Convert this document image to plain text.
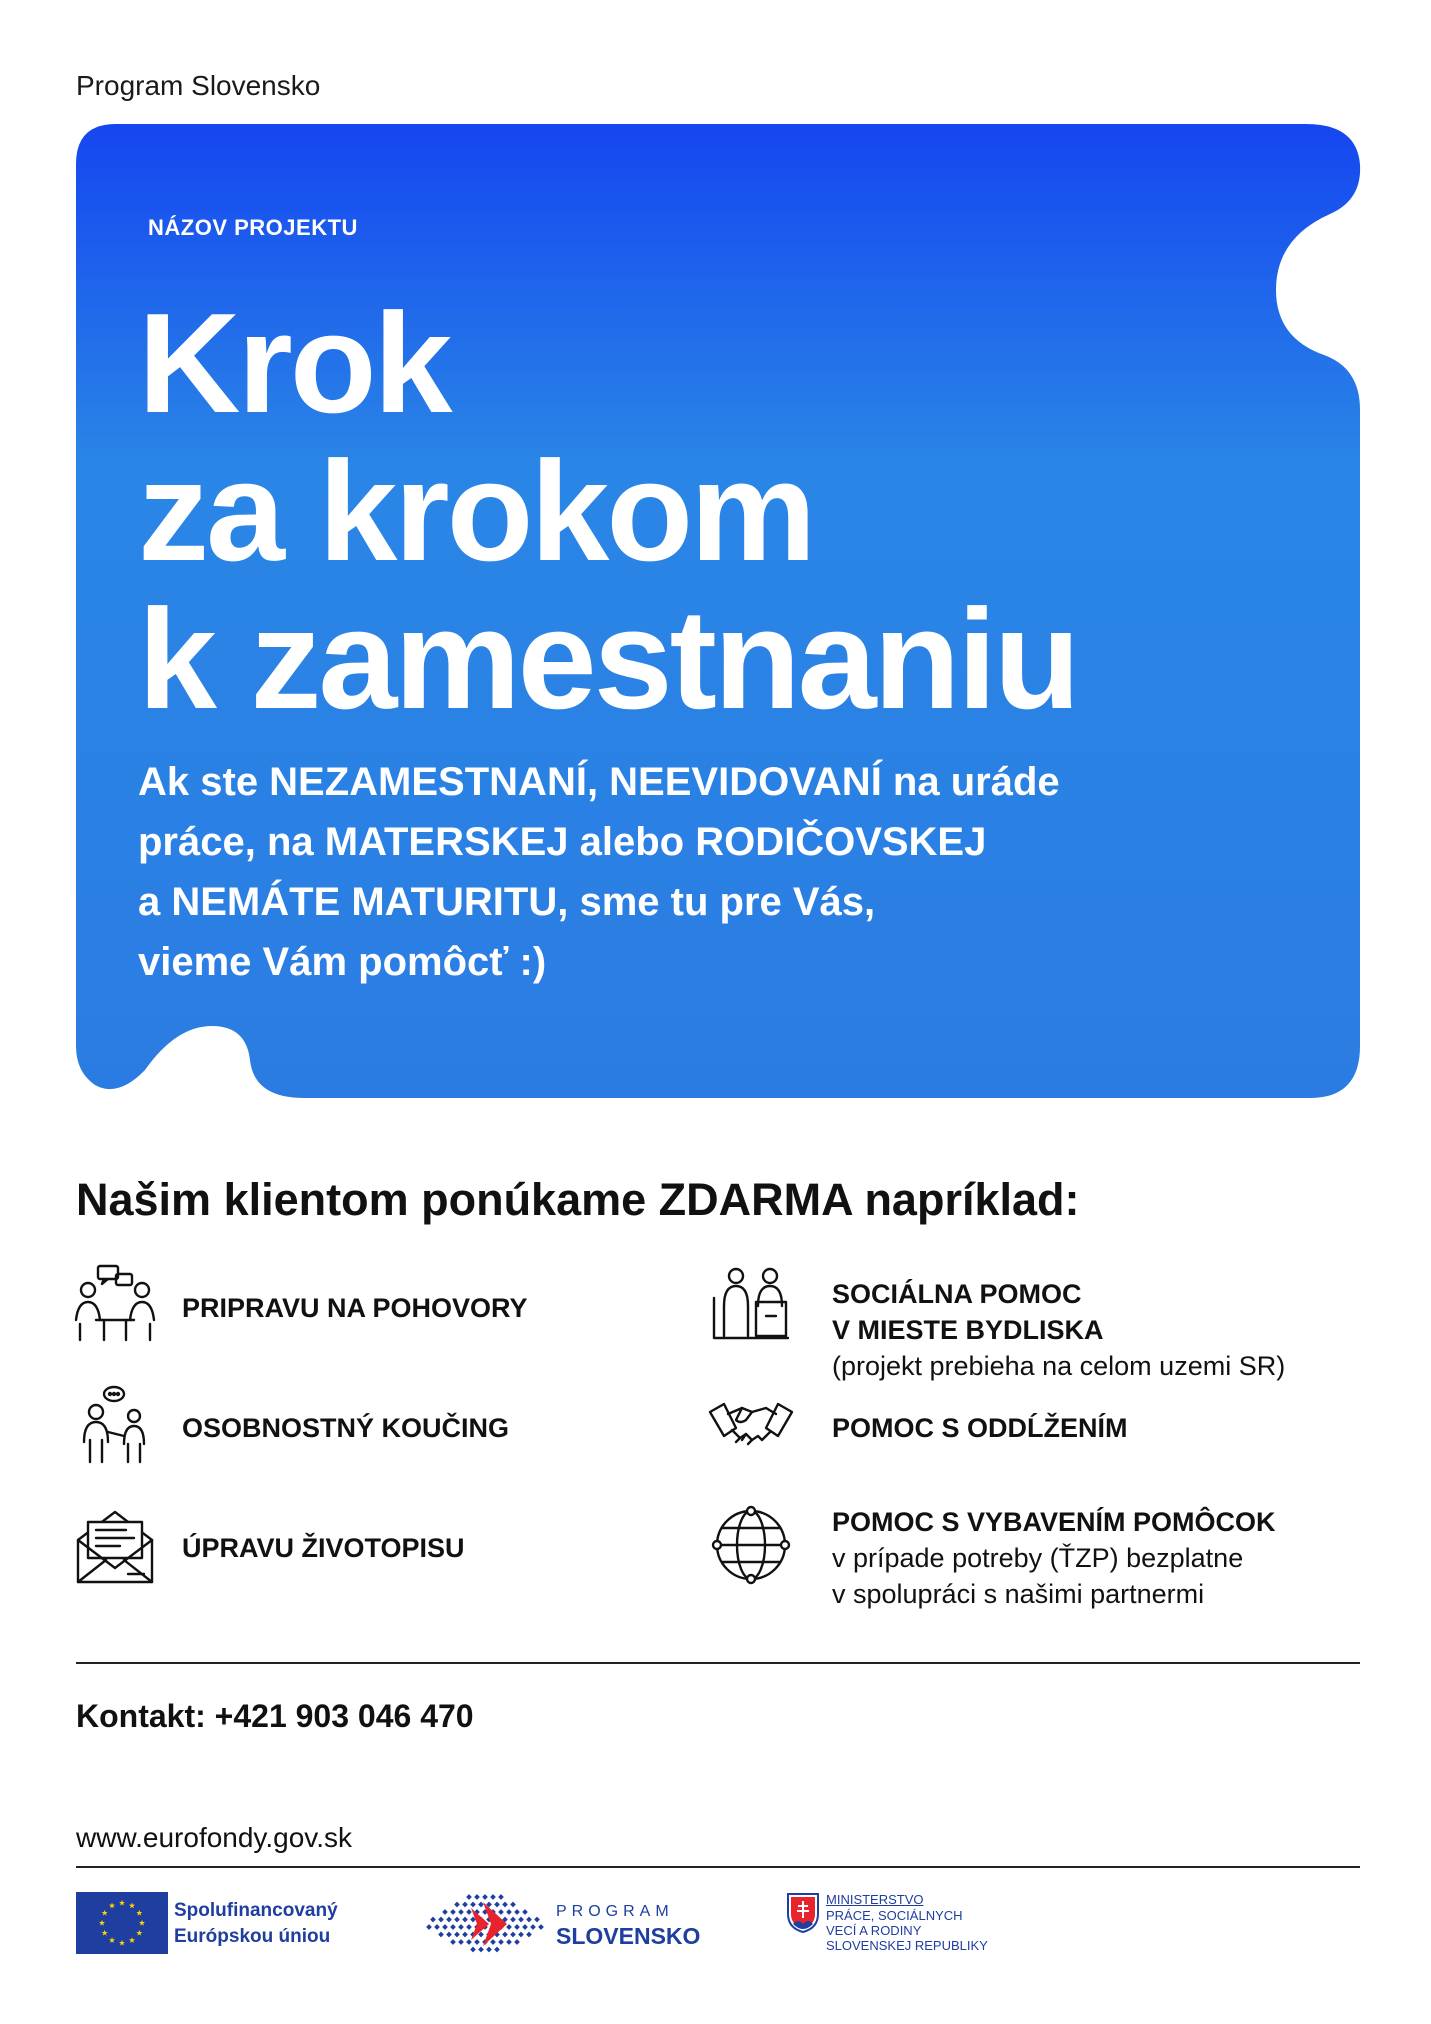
Program Slovensko
NÁZOV PROJEKTU
Krok
za krokom
k zamestnaniu
Ak ste NEZAMESTNANÍ, NEEVIDOVANÍ na uráde
práce, na MATERSKEJ alebo RODIČOVSKEJ
a NEMÁTE MATURITU, sme tu pre Vás,
vieme Vám pomôcť :)
Našim klientom ponúkame ZDARMA napríklad:
PRIPRAVU NA POHOVORY	SOCIÁLNA POMOC
V MIESTE BYDLISKA
(projekt prebieha na celom uzemi SR)
OSOBNOSTNÝ KOUČING	POMOC S ODDĹŽENÍM
ÚPRAVU ŽIVOTOPISU
POMOC S VYBAVENÍM POMÔCOK
v prípade potreby (ŤZP) bezplatne
v spolupráci s našimi partnermi
Kontakt: +421 903 046 470
www.eurofondy.gov.sk
Spolufinancovaný
Európskou úniou
PROGRAM
SLOVENSKO
MINISTERSTVO
PRÁCE, SOCIÁLNYCH
VECÍ A RODINY
SLOVENSKEJ REPUBLIKY
